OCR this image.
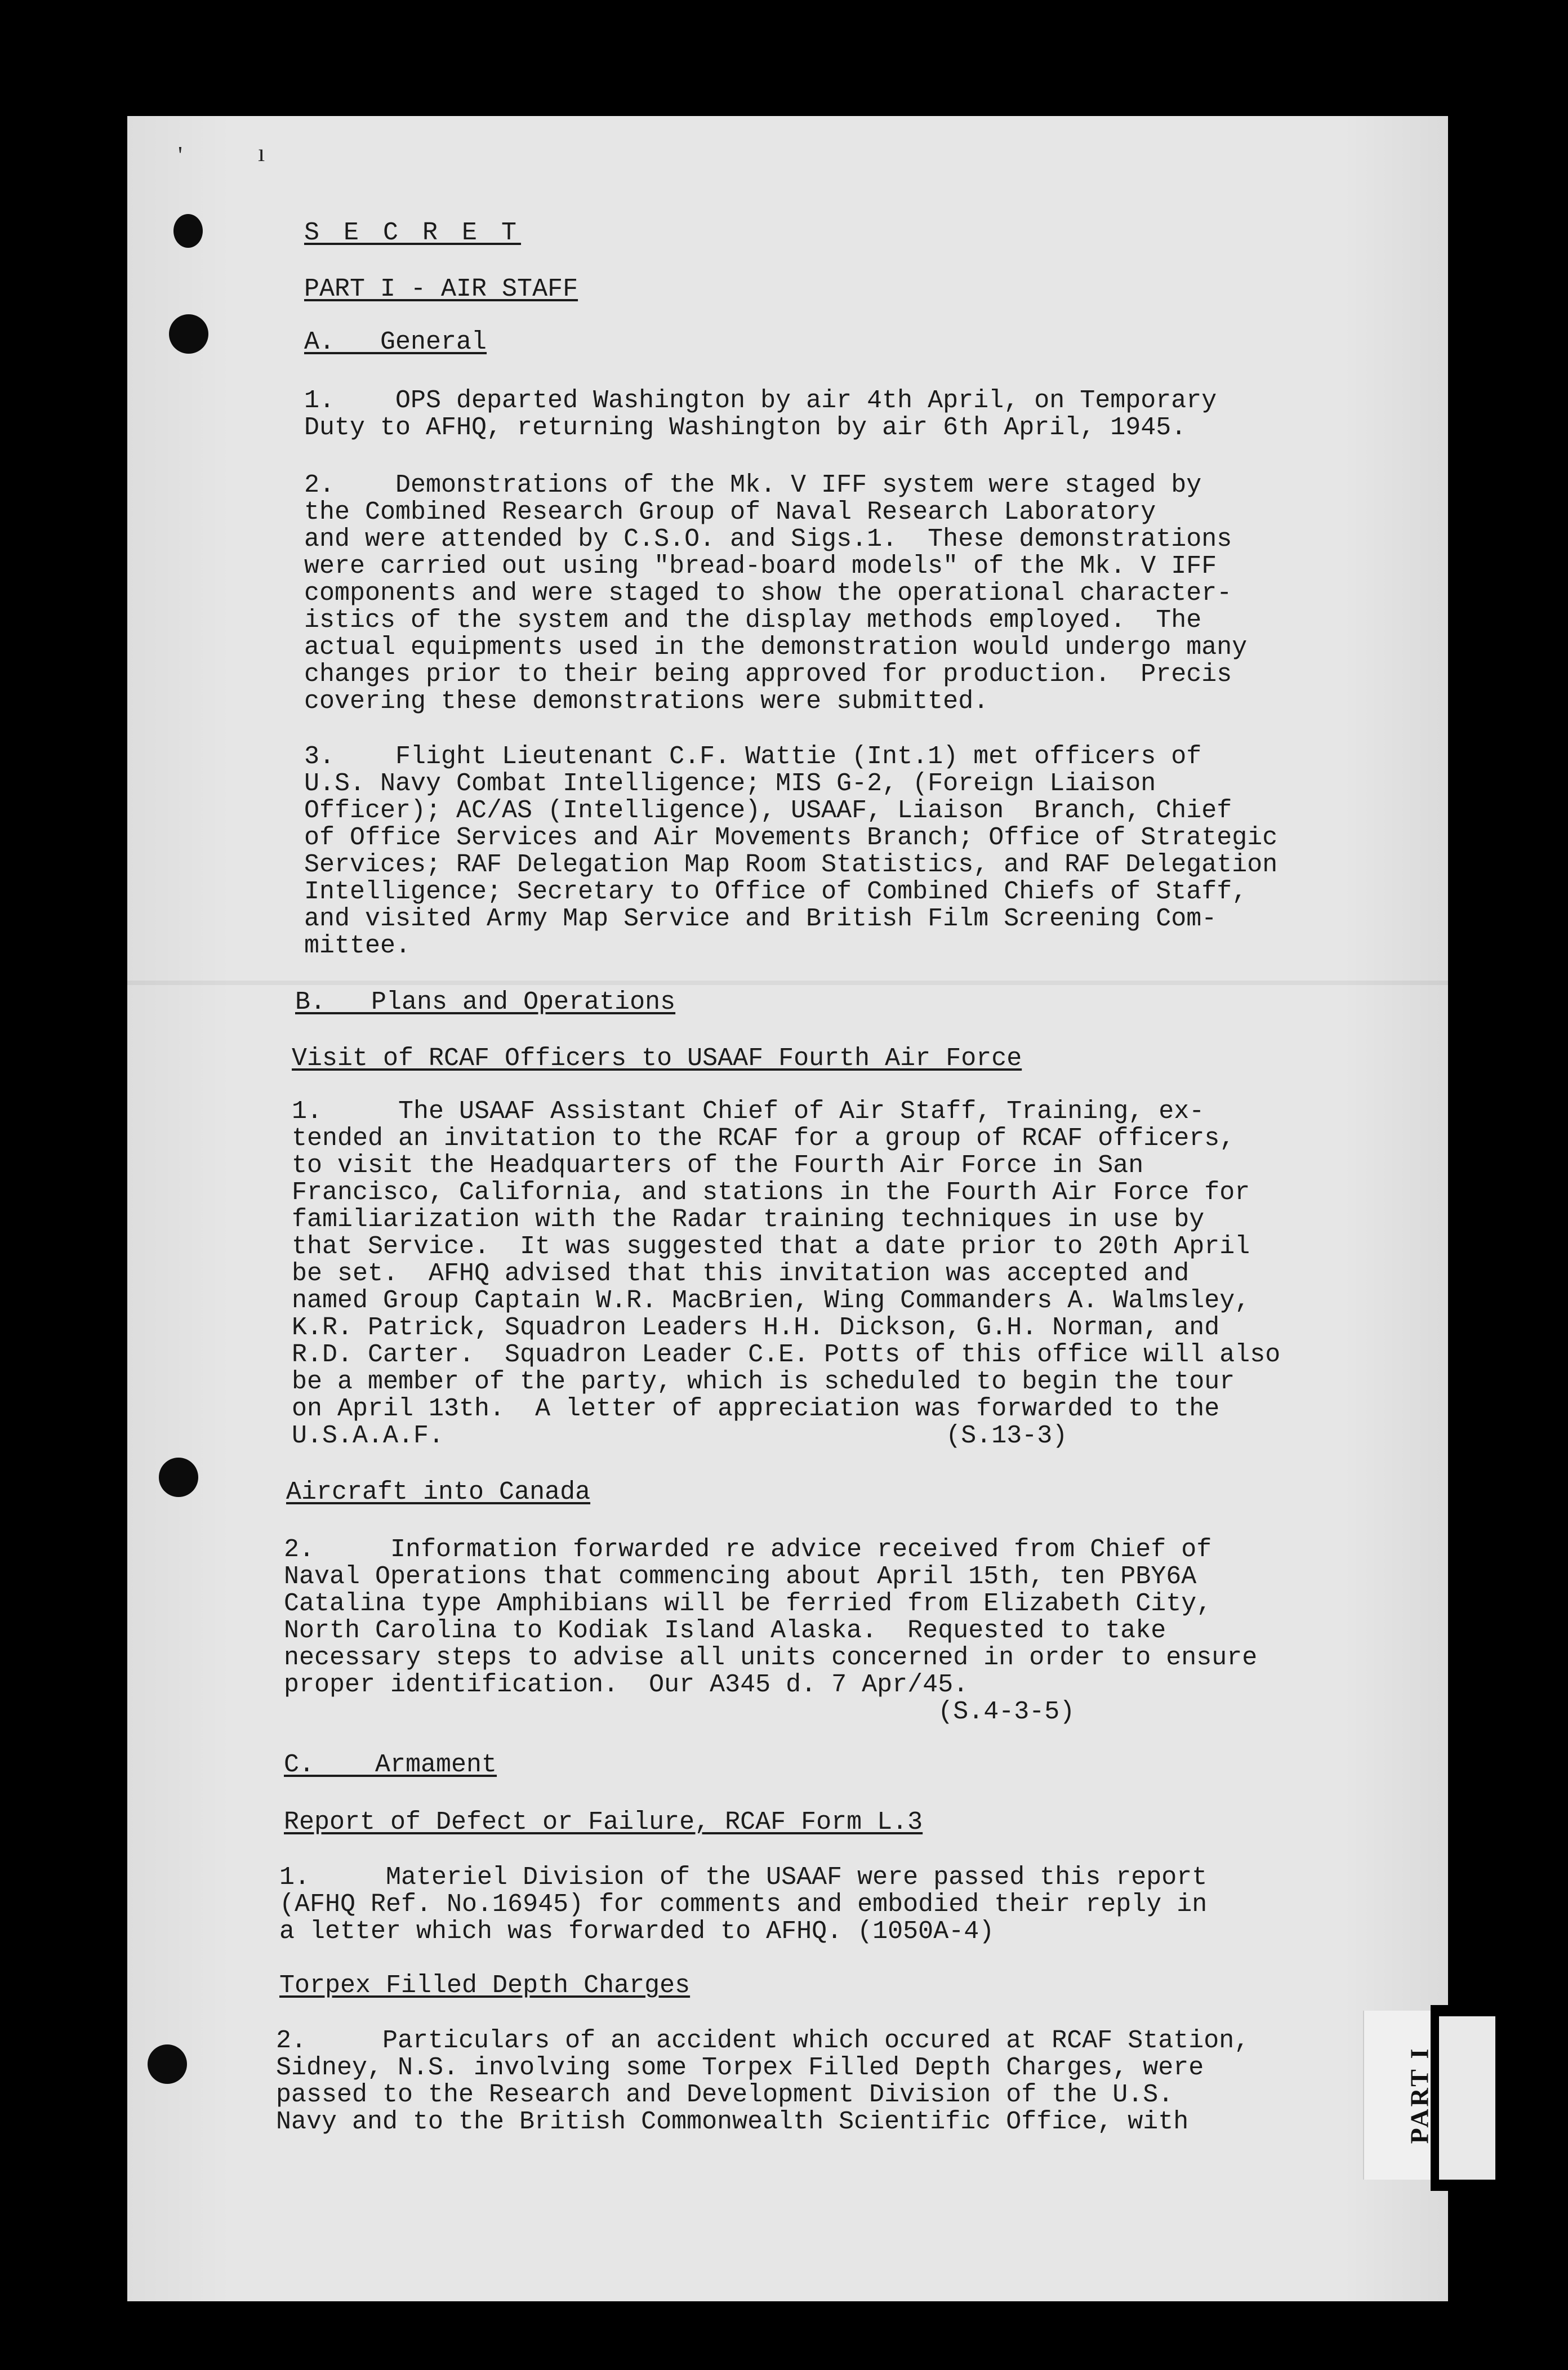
'	ı
S E C R E T
PART I - AIR STAFF
A.   General
1.    OPS departed Washington by air 4th April, on Temporary
Duty to AFHQ, returning Washington by air 6th April, 1945.
2.    Demonstrations of the Mk. V IFF system were staged by
the Combined Research Group of Naval Research Laboratory
and were attended by C.S.O. and Sigs.1.  These demonstrations
were carried out using "bread-board models" of the Mk. V IFF
components and were staged to show the operational character-
istics of the system and the display methods employed.  The
actual equipments used in the demonstration would undergo many
changes prior to their being approved for production.  Precis
covering these demonstrations were submitted.
3.    Flight Lieutenant C.F. Wattie (Int.1) met officers of
U.S. Navy Combat Intelligence; MIS G-2, (Foreign Liaison
Officer); AC/AS (Intelligence), USAAF, Liaison  Branch, Chief
of Office Services and Air Movements Branch; Office of Strategic
Services; RAF Delegation Map Room Statistics, and RAF Delegation
Intelligence; Secretary to Office of Combined Chiefs of Staff,
and visited Army Map Service and British Film Screening Com-
mittee.
B.   Plans and Operations
Visit of RCAF Officers to USAAF Fourth Air Force
1.     The USAAF Assistant Chief of Air Staff, Training, ex-
tended an invitation to the RCAF for a group of RCAF officers,
to visit the Headquarters of the Fourth Air Force in San
Francisco, California, and stations in the Fourth Air Force for
familiarization with the Radar training techniques in use by
that Service.  It was suggested that a date prior to 20th April
be set.  AFHQ advised that this invitation was accepted and
named Group Captain W.R. MacBrien, Wing Commanders A. Walmsley,
K.R. Patrick, Squadron Leaders H.H. Dickson, G.H. Norman, and
R.D. Carter.  Squadron Leader C.E. Potts of this office will also
be a member of the party, which is scheduled to begin the tour
on April 13th.  A letter of appreciation was forwarded to the
U.S.A.A.F.                                 (S.13-3)
Aircraft into Canada
2.     Information forwarded re advice received from Chief of
Naval Operations that commencing about April 15th, ten PBY6A
Catalina type Amphibians will be ferried from Elizabeth City,
North Carolina to Kodiak Island Alaska.  Requested to take
necessary steps to advise all units concerned in order to ensure
proper identification.  Our A345 d. 7 Apr/45.
(S.4-3-5)
C.    Armament
Report of Defect or Failure, RCAF Form L.3
1.     Materiel Division of the USAAF were passed this report
(AFHQ Ref. No.16945) for comments and embodied their reply in
a letter which was forwarded to AFHQ. (1050A-4)
Torpex Filled Depth Charges
2.     Particulars of an accident which occured at RCAF Station,
Sidney, N.S. involving some Torpex Filled Depth Charges, were
passed to the Research and Development Division of the U.S.
Navy and to the British Commonwealth Scientific Office, with	PART I
